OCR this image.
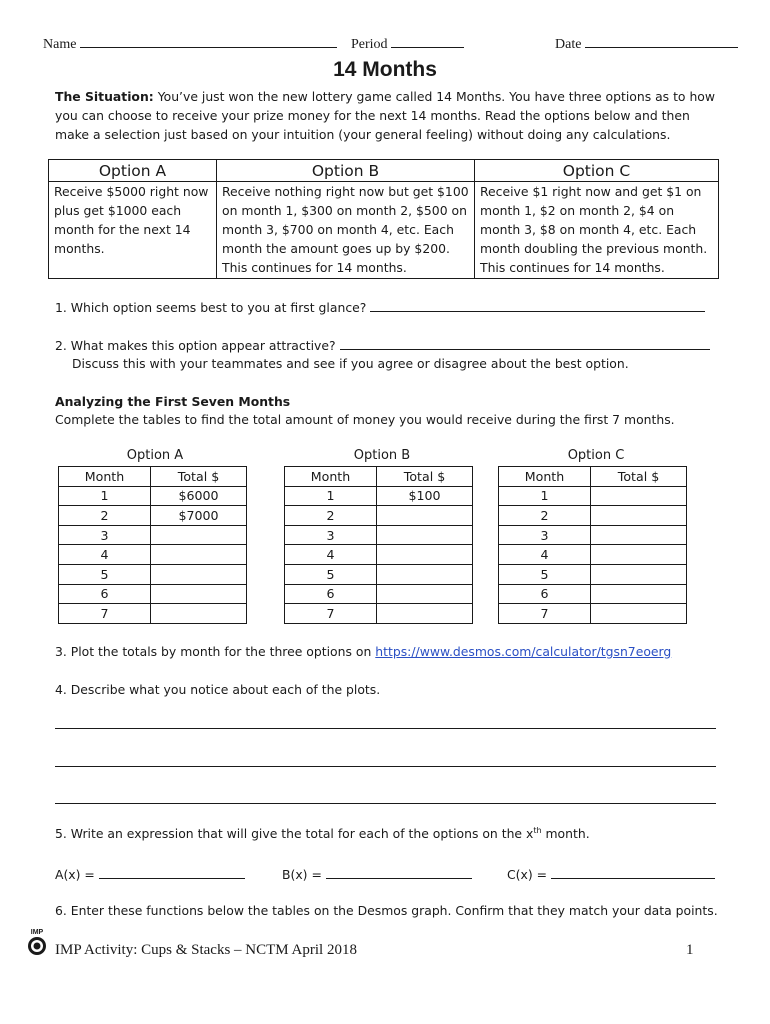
Name	Period	Date
14 Months
The Situation: You’ve just won the new lottery game called 14 Months. You have three options as to how you can choose to receive your prize money for the next 14 months. Read the options below and then make a selection just based on your intuition (your general feeling) without doing any calculations.
Option A	Option B	Option C
Receive $5000 right now plus get $1000 each month for the next 14 months.	Receive nothing right now but get $100 on month 1, $300 on month 2, $500 on month 3, $700 on month 4, etc. Each month the amount goes up by $200. This continues for 14 months.	Receive $1 right now and get $1 on month 1, $2 on month 2, $4 on month 3, $8 on month 4, etc. Each month doubling the previous month. This continues for 14 months.
1. Which option seems best to you at first glance?
2. What makes this option appear attractive?
Discuss this with your teammates and see if you agree or disagree about the best option.
Analyzing the First Seven Months
Complete the tables to find the total amount of money you would receive during the first 7 months.
Option A
Month	Total $
1	$6000
2	$7000
3	
4	
5	
6	
7	
Option B
Month	Total $
1	$100
2	
3	
4	
5	
6	
7	
Option C
Month	Total $
1	
2	
3	
4	
5	
6	
7	
3. Plot the totals by month for the three options on https://www.desmos.com/calculator/tgsn7eoerg
4. Describe what you notice about each of the plots.
5. Write an expression that will give the total for each of the options on the $x^{th}$ month.
A(x) =	B(x) =	C(x) =
6. Enter these functions below the tables on the Desmos graph. Confirm that they match your data points.
IMP
IMP Activity: Cups & Stacks – NCTM April 2018	1
